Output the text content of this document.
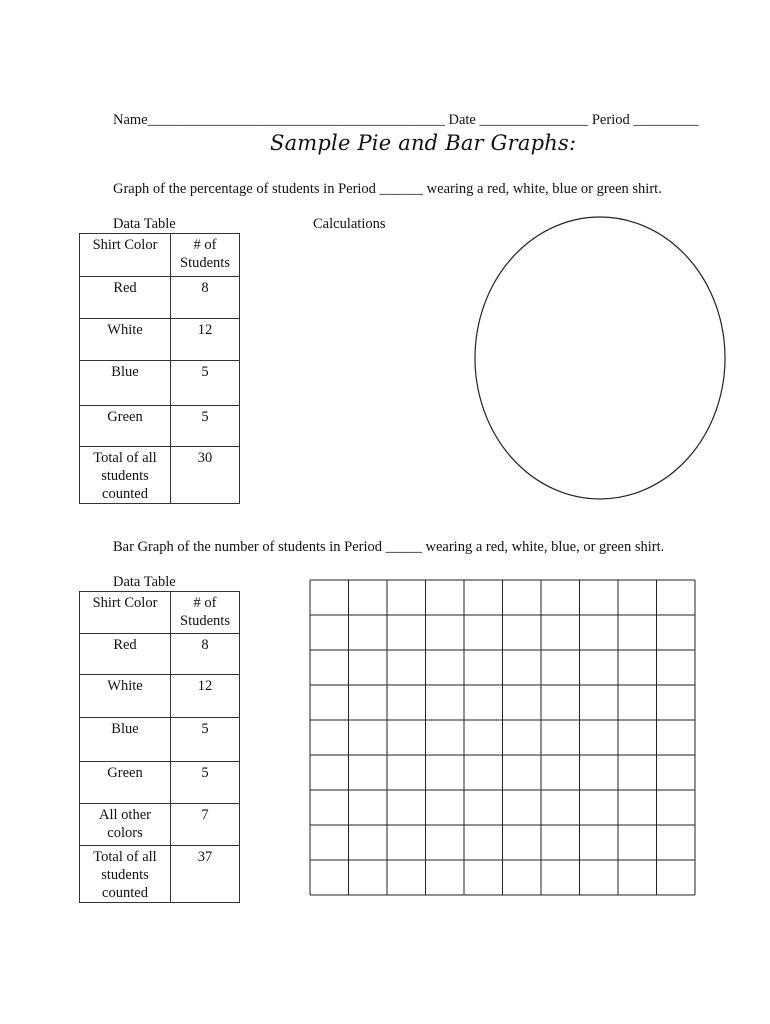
Name_________________________________________ Date _______________ Period _________
Sample Pie and Bar Graphs:
Graph of the percentage of students in Period ______ wearing a red, white, blue or green shirt.
Data Table	Calculations
Shirt Color	# of Students
Red	8
White	12
Blue	5
Green	5
Total of all students counted	30
Bar Graph of the number of students in Period _____ wearing a red, white, blue, or green shirt.
Data Table
Shirt Color	# of Students
Red	8
White	12
Blue	5
Green	5
All other colors	7
Total of all students counted	37
